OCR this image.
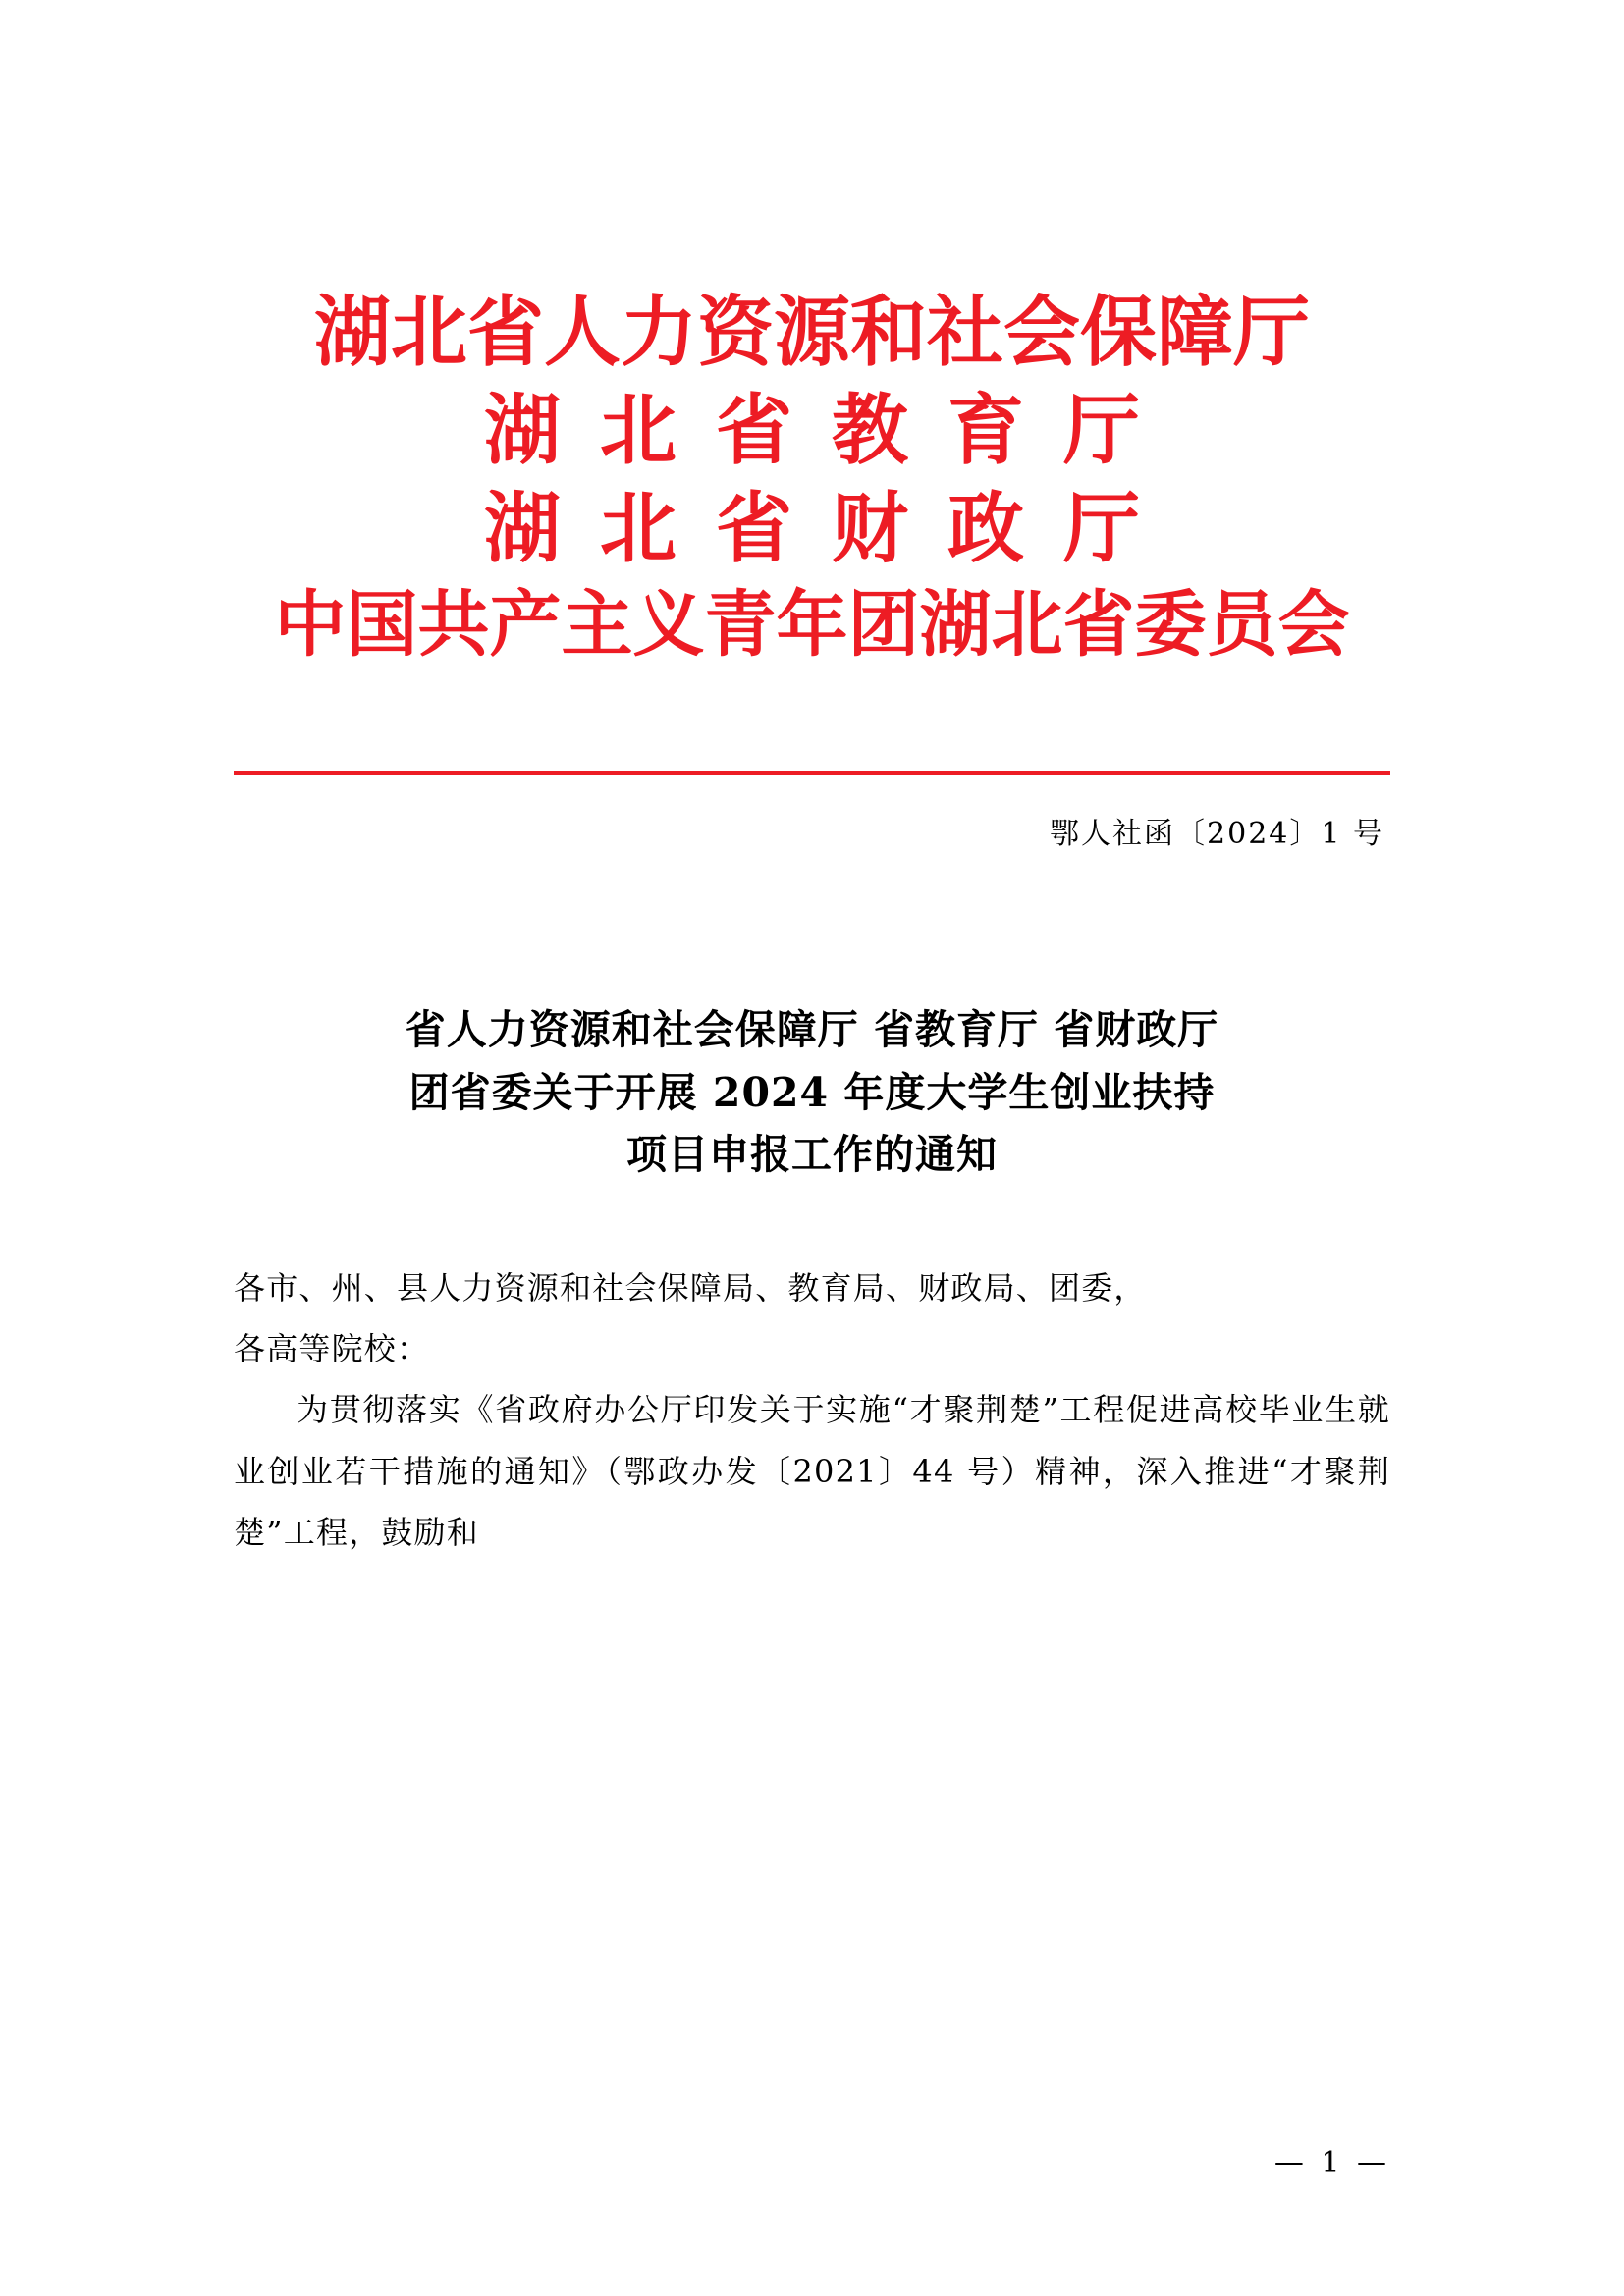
湖北省人力资源和社会保障厅
湖北省教育厅
湖北省财政厅
中国共产主义青年团湖北省委员会
鄂人社函〔2024〕1 号
省人力资源和社会保障厅 省教育厅 省财政厅
团省委关于开展 2024 年度大学生创业扶持
项目申报工作的通知

各市、州、县人力资源和社会保障局、教育局、财政局、团委，

各高等院校：

为贯彻落实《省政府办公厅印发关于实施“才聚荆楚”工程促进高校毕业生就业创业若干措施的通知》（鄂政办发〔2021〕44 号）精神，深入推进“才聚荆楚”工程，鼓励和

— 1 —
